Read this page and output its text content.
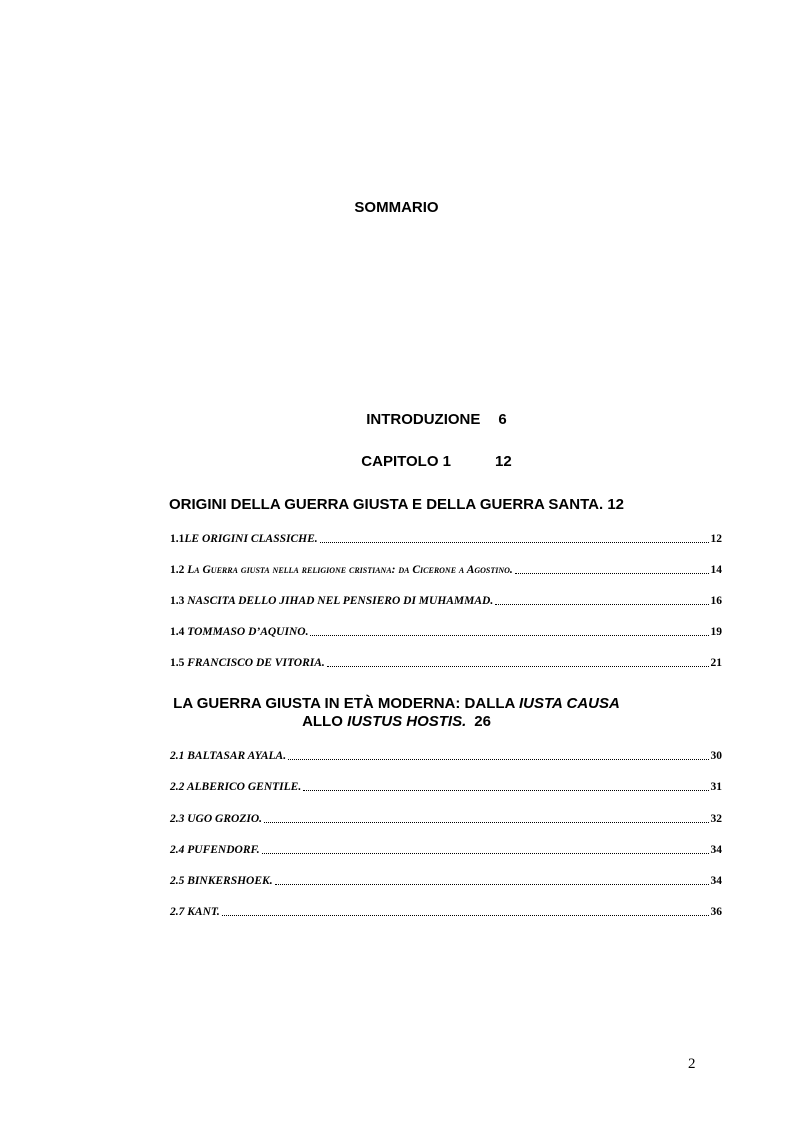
SOMMARIO
INTRODUZIONE 6
CAPITOLO 1	12
ORIGINI DELLA GUERRA GIUSTA E DELLA GUERRA SANTA. 12
1.1LE ORIGINI CLASSICHE.	12
1.2 La Guerra giusta nella religione cristiana: da Cicerone a Agostino.	14
1.3 NASCITA DELLO JIHAD NEL PENSIERO DI MUHAMMAD.	16
1.4 TOMMASO D’AQUINO.	19
1.5 FRANCISCO DE VITORIA.	21
LA GUERRA GIUSTA IN ETÀ MODERNA: DALLA IUSTA CAUSA
ALLO IUSTUS HOSTIS. 26
2.1 BALTASAR AYALA.	30
2.2 ALBERICO GENTILE.	31
2.3 UGO GROZIO.	32
2.4 PUFENDORF.	34
2.5 BINKERSHOEK.	34
2.7 KANT.	36
2
